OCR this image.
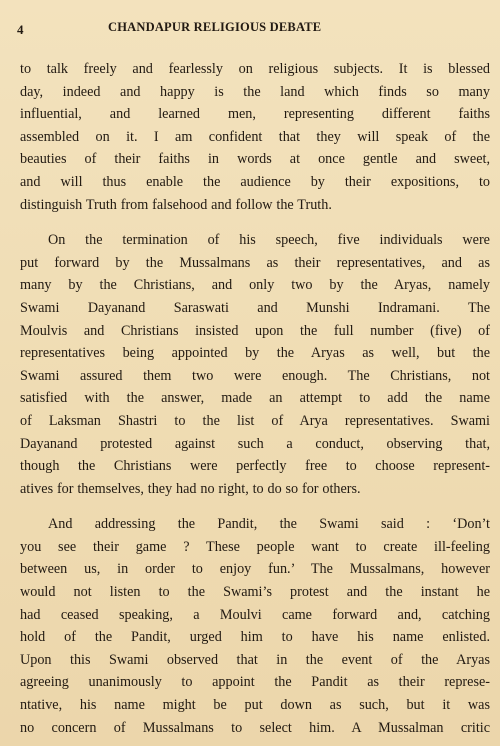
4	CHANDAPUR RELIGIOUS DEBATE
to talk freely and fearlessly on religious subjects. It is blessed
day, indeed and happy is the land which finds so many
influential, and learned men, representing different faiths
assembled on it. I am confident that they will speak of the
beauties of their faiths in words at once gentle and sweet,
and will thus enable the audience by their expositions, to
distinguish Truth from falsehood and follow the Truth.
On the termination of his speech, five individuals were
put forward by the Mussalmans as their representatives, and as
many by the Christians, and only two by the Aryas, namely
Swami Dayanand Saraswati and Munshi Indramani. The
Moulvis and Christians insisted upon the full number (five) of
representatives being appointed by the Aryas as well, but the
Swami assured them two were enough. The Christians, not
satisfied with the answer, made an attempt to add the name
of Laksman Shastri to the list of Arya representatives. Swami
Dayanand protested against such a conduct, observing that,
though the Christians were perfectly free to choose represent-
atives for themselves, they had no right, to do so for others.
And addressing the Pandit, the Swami said : ‘Don’t
you see their game ? These people want to create ill-feeling
between us, in order to enjoy fun.’ The Mussalmans, however
would not listen to the Swami’s protest and the instant he
had ceased speaking, a Moulvi came forward and, catching
hold of the Pandit, urged him to have his name enlisted.
Upon this Swami observed that in the event of the Aryas
agreeing unanimously to appoint the Pandit as their represe-
ntative, his name might be put down as such, but it was
no concern of Mussalmans to select him. A Mussalman critic
